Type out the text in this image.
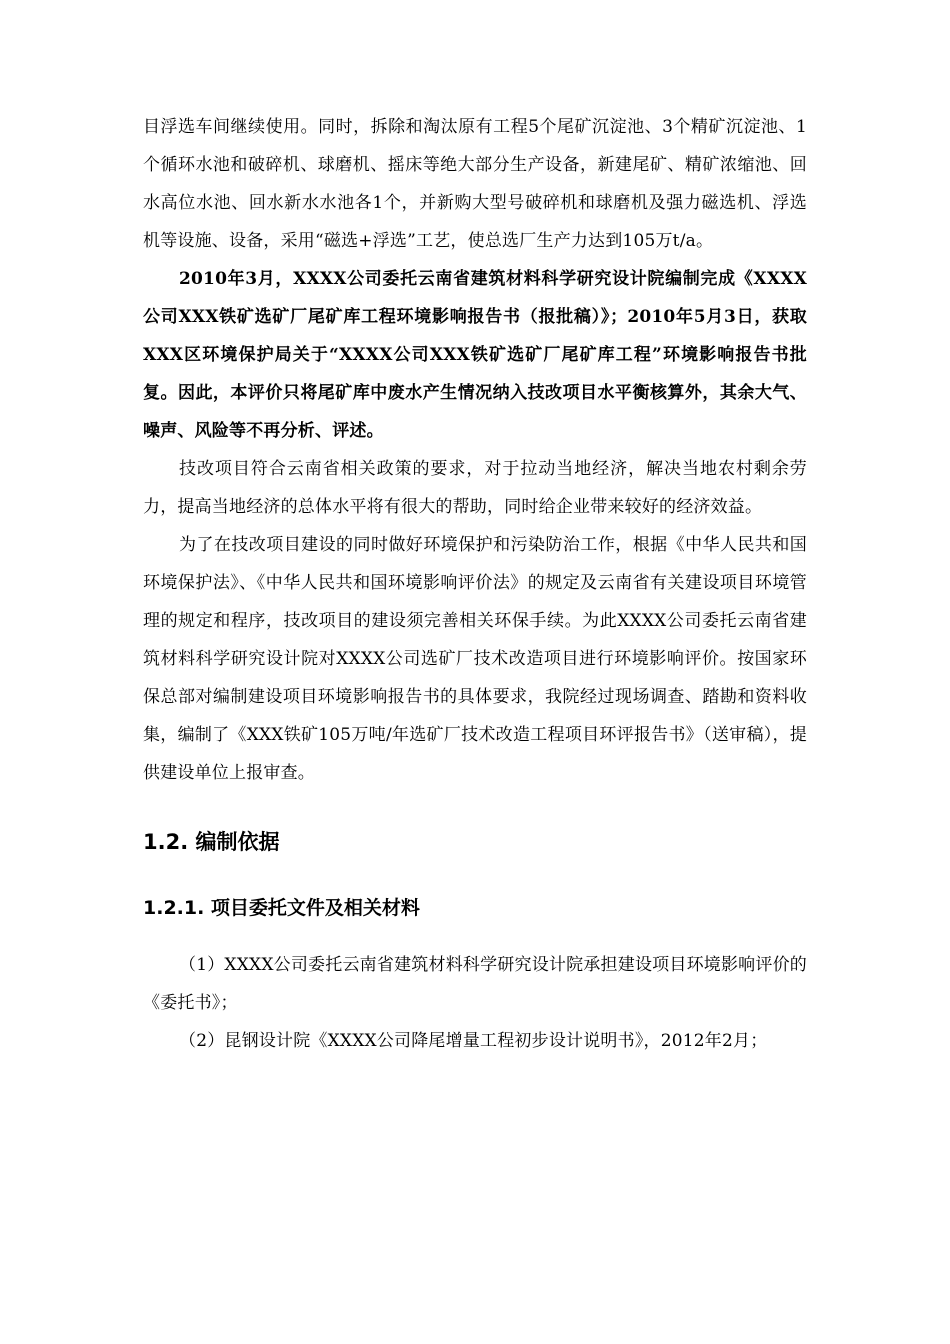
目浮选车间继续使用。同时，拆除和淘汰原有工程5个尾矿沉淀池、3个精矿沉淀池、1个循环水池和破碎机、球磨机、摇床等绝大部分生产设备，新建尾矿、精矿浓缩池、回水高位水池、回水新水水池各1个，并新购大型号破碎机和球磨机及强力磁选机、浮选机等设施、设备，采用“磁选+浮选”工艺，使总选厂生产力达到105万t/a。

2010年3月，XXXX公司委托云南省建筑材料科学研究设计院编制完成《XXXX公司XXX铁矿选矿厂尾矿库工程环境影响报告书（报批稿）》；2010年5月3日，获取XXX区环境保护局关于“XXXX公司XXX铁矿选矿厂尾矿库工程”环境影响报告书批复。因此，本评价只将尾矿库中废水产生情况纳入技改项目水平衡核算外，其余大气、噪声、风险等不再分析、评述。

技改项目符合云南省相关政策的要求，对于拉动当地经济，解决当地农村剩余劳力，提高当地经济的总体水平将有很大的帮助，同时给企业带来较好的经济效益。

为了在技改项目建设的同时做好环境保护和污染防治工作，根据《中华人民共和国环境保护法》、《中华人民共和国环境影响评价法》的规定及云南省有关建设项目环境管理的规定和程序，技改项目的建设须完善相关环保手续。为此XXXX公司委托云南省建筑材料科学研究设计院对XXXX公司选矿厂技术改造项目进行环境影响评价。按国家环保总部对编制建设项目环境影响报告书的具体要求，我院经过现场调查、踏勘和资料收集，编制了《XXX铁矿105万吨/年选矿厂技术改造工程项目环评报告书》（送审稿），提供建设单位上报审查。

1.2. 编制依据
1.2.1. 项目委托文件及相关材料

（1）XXXX公司委托云南省建筑材料科学研究设计院承担建设项目环境影响评价的《委托书》；

（2）昆钢设计院《XXXX公司降尾增量工程初步设计说明书》，2012年2月；
